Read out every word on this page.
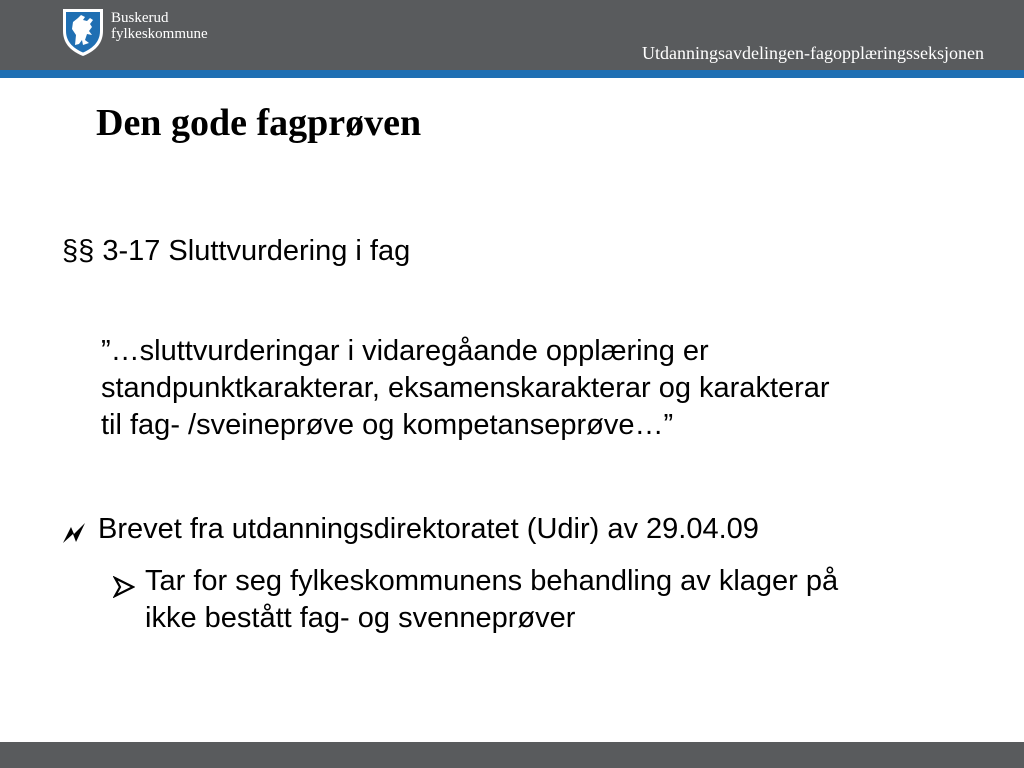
Buskerud
fylkeskommune
Utdanningsavdelingen-fagopplæringsseksjonen
Den gode fagprøven
§§ 3-17 Sluttvurdering i fag
”…sluttvurderingar i vidaregåande opplæring er
standpunktkarakterar, eksamenskarakterar og karakterar
til fag- /sveineprøve og kompetanseprøve…”
Brevet fra utdanningsdirektoratet (Udir) av 29.04.09
Tar for seg fylkeskommunens behandling av klager på
ikke bestått fag- og svenneprøver
